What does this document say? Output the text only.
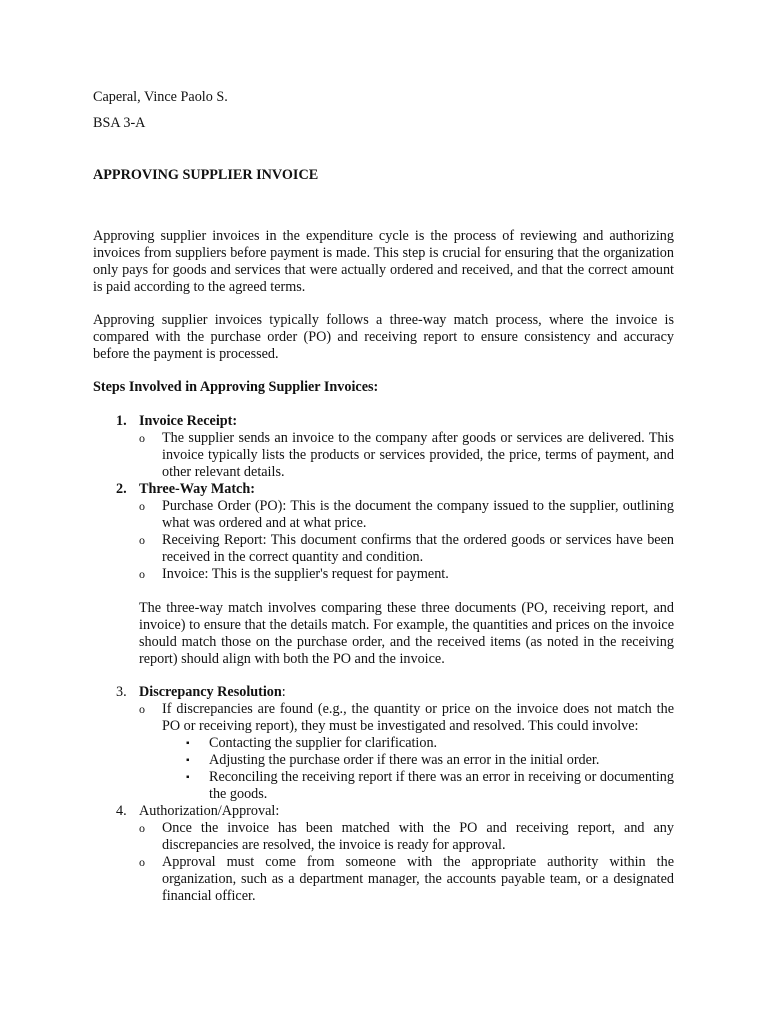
Caperal, Vince Paolo S.

BSA 3-A

APPROVING SUPPLIER INVOICE

Approving supplier invoices in the expenditure cycle is the process of reviewing and authorizing invoices from suppliers before payment is made. This step is crucial for ensuring that the organization only pays for goods and services that were actually ordered and received, and that the correct amount is paid according to the agreed terms.

Approving supplier invoices typically follows a three-way match process, where the invoice is compared with the purchase order (PO) and receiving report to ensure consistency and accuracy before the payment is processed.

Steps Involved in Approving Supplier Invoices:

1. Invoice Receipt:
o	The supplier sends an invoice to the company after goods or services are delivered. This invoice typically lists the products or services provided, the price, terms of payment, and other relevant details.
2. Three-Way Match:
o	Purchase Order (PO): This is the document the company issued to the supplier, outlining what was ordered and at what price.
o	Receiving Report: This document confirms that the ordered goods or services have been received in the correct quantity and condition.
o	Invoice: This is the supplier's request for payment.
The three-way match involves comparing these three documents (PO, receiving report, and invoice) to ensure that the details match. For example, the quantities and prices on the invoice should match those on the purchase order, and the received items (as noted in the receiving report) should align with both the PO and the invoice.
3. Discrepancy Resolution:
o	If discrepancies are found (e.g., the quantity or price on the invoice does not match the PO or receiving report), they must be investigated and resolved. This could involve:
▪	Contacting the supplier for clarification.
▪	Adjusting the purchase order if there was an error in the initial order.
▪	Reconciling the receiving report if there was an error in receiving or documenting the goods.
4. Authorization/Approval:
o	Once the invoice has been matched with the PO and receiving report, and any discrepancies are resolved, the invoice is ready for approval.
o	Approval must come from someone with the appropriate authority within the organization, such as a department manager, the accounts payable team, or a designated financial officer.
